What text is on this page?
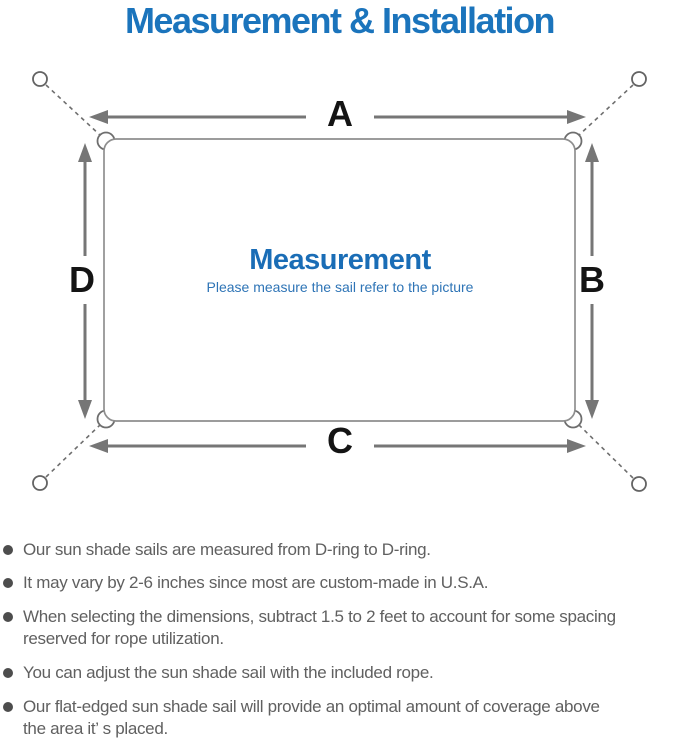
Measurement & Installation
A
C
D	B
Measurement
Please measure the sail refer to the picture
Our sun shade sails are measured from D-ring to D-ring.
It may vary by 2-6 inches since most are custom-made in U.S.A.
When selecting the dimensions, subtract 1.5 to 2 feet to account for some spacing
reserved for rope utilization.
You can adjust the sun shade sail with the included rope.
Our flat-edged sun shade sail will provide an optimal amount of coverage above
the area it’ s placed.
